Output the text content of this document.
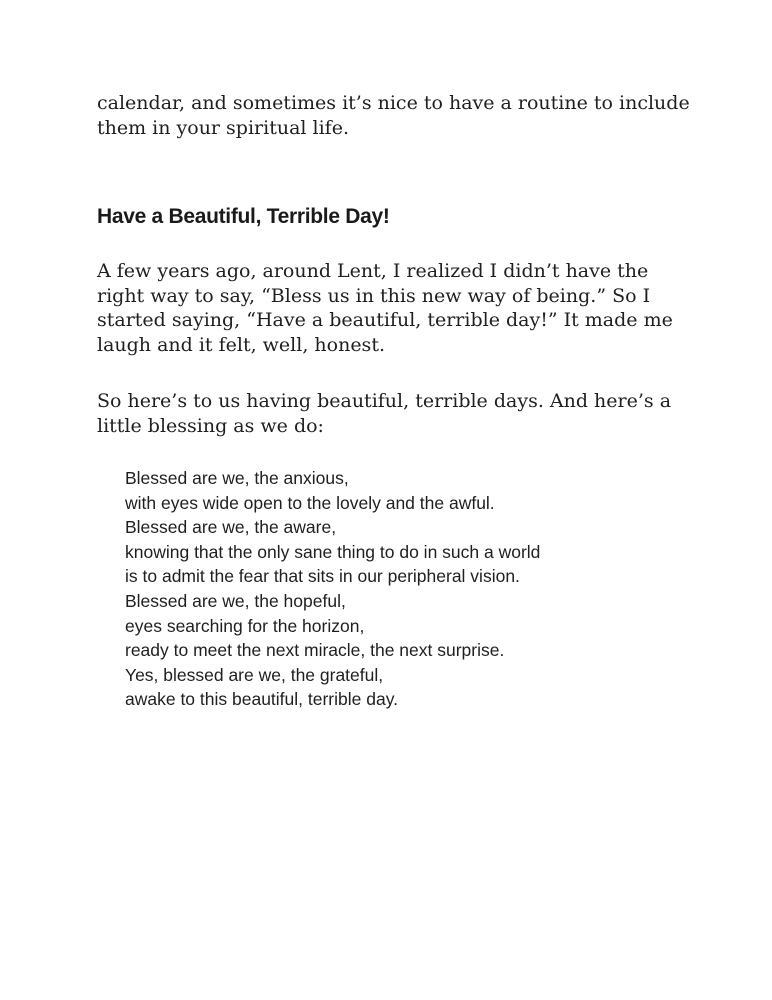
calendar, and sometimes it’s nice to have a routine to include
them in your spiritual life.

Have a Beautiful, Terrible Day!

A few years ago, around Lent, I realized I didn’t have the
right way to say, “Bless us in this new way of being.” So I
started saying, “Have a beautiful, terrible day!” It made me
laugh and it felt, well, honest.

So here’s to us having beautiful, terrible days. And here’s a
little blessing as we do:

Blessed are we, the anxious,
with eyes wide open to the lovely and the awful.
Blessed are we, the aware,
knowing that the only sane thing to do in such a world
is to admit the fear that sits in our peripheral vision.
Blessed are we, the hopeful,
eyes searching for the horizon,
ready to meet the next miracle, the next surprise.
Yes, blessed are we, the grateful,
awake to this beautiful, terrible day.
